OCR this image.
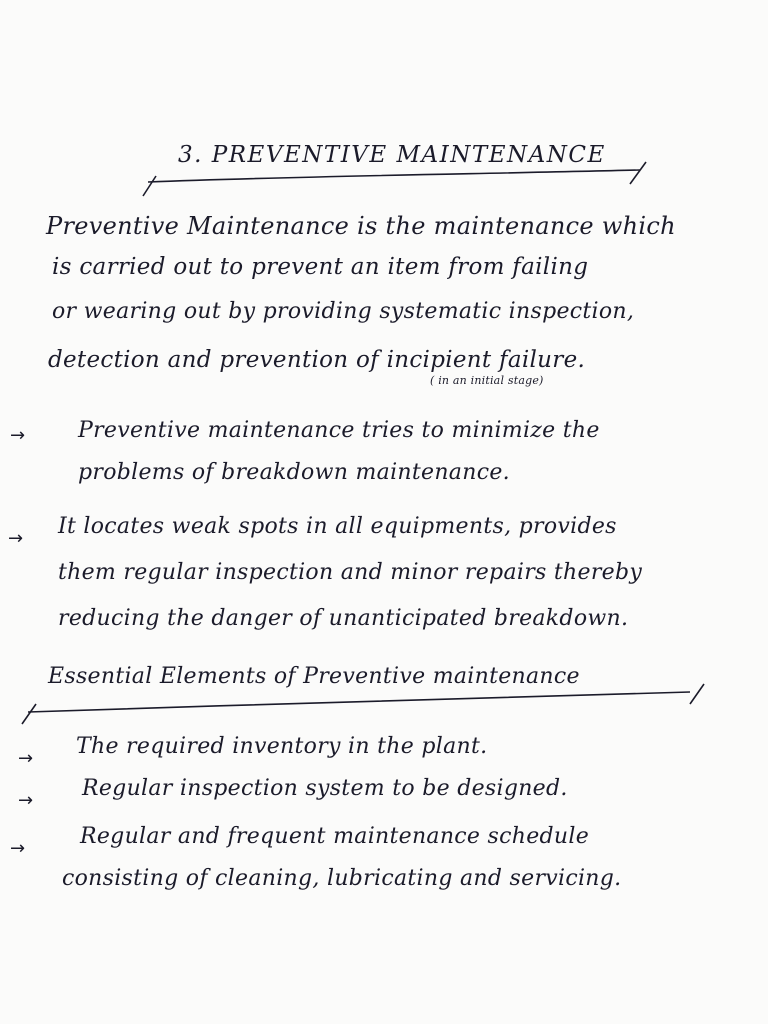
3. PREVENTIVE MAINTENANCE
Preventive Maintenance is the maintenance which
is carried out to prevent an item from failing
or wearing out by providing systematic inspection,
detection and prevention of incipient failure.
( in an initial stage)
→ Preventive maintenance tries to minimize the
problems of breakdown maintenance.
→ It locates weak spots in all equipments, provides
them regular inspection and minor repairs thereby
reducing the danger of unanticipated breakdown.
Essential Elements of Preventive maintenance
→ The required inventory in the plant.
→ Regular inspection system to be designed.
→ Regular and frequent maintenance schedule
consisting of cleaning, lubricating and servicing.
